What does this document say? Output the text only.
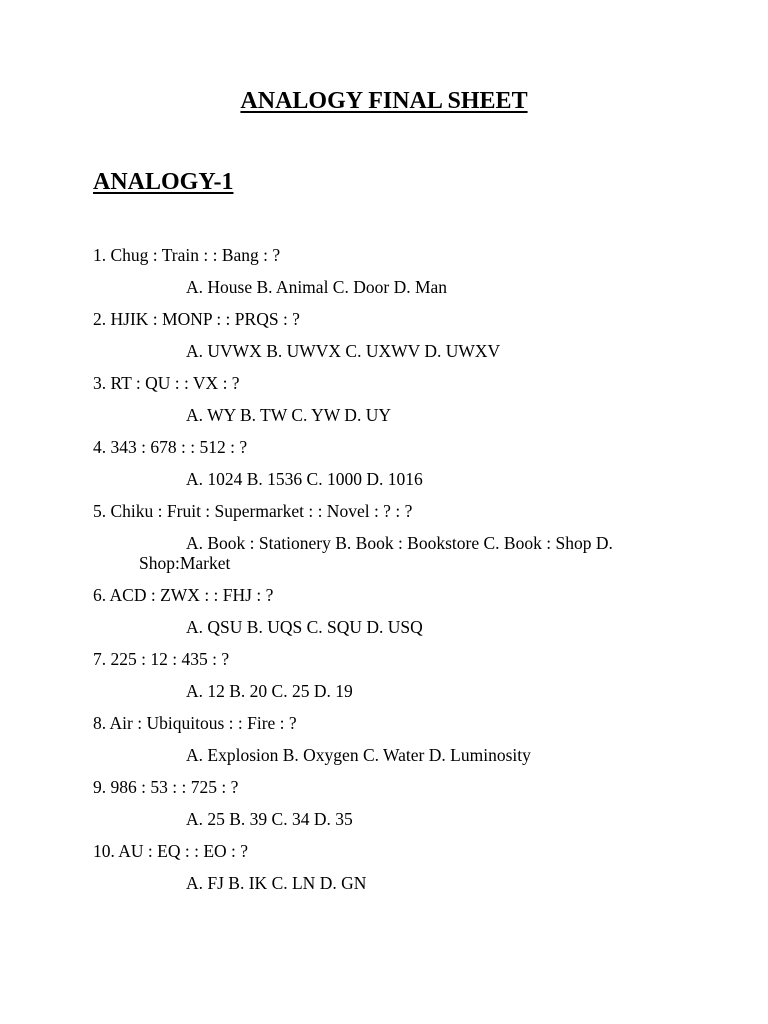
ANALOGY FINAL SHEET
ANALOGY-1
1. Chug : Train : : Bang : ?
A. House B. Animal C. Door D. Man
2. HJIK : MONP : : PRQS : ?
A. UVWX B. UWVX C. UXWV D. UWXV
3. RT : QU : : VX : ?
A. WY B. TW C. YW D. UY
4. 343 : 678 : : 512 : ?
A. 1024 B. 1536 C. 1000 D. 1016
5. Chiku : Fruit : Supermarket : : Novel : ? : ?
A. Book : Stationery B. Book : Bookstore C. Book : Shop D. Shop:Market
6. ACD : ZWX : : FHJ : ?
A. QSU B. UQS C. SQU D. USQ
7. 225 : 12 : 435 : ?
A. 12 B. 20 C. 25 D. 19
8. Air : Ubiquitous : : Fire : ?
A. Explosion B. Oxygen C. Water D. Luminosity
9. 986 : 53 : : 725 : ?
A. 25 B. 39 C. 34 D. 35
10. AU : EQ : : EO : ?
A. FJ B. IK C. LN D. GN
